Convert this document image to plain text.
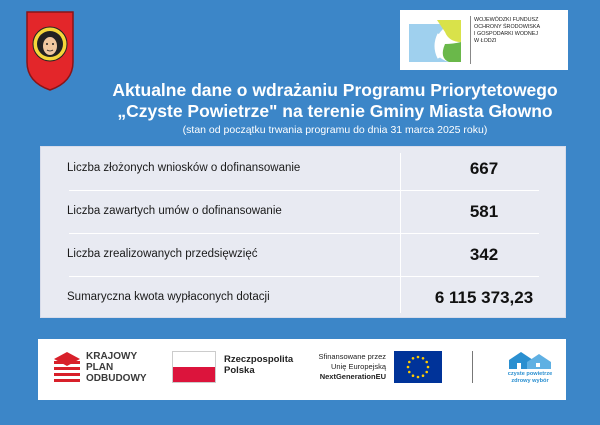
WOJEWÓDZKI FUNDUSZ
OCHRONY ŚRODOWISKA
I GOSPODARKI WODNEJ
W ŁODZI
Aktualne dane o wdrażaniu Programu Priorytetowego
„Czyste Powietrze" na terenie Gminy Miasta Głowno
(stan od początku trwania programu do dnia 31 marca 2025 roku)
Liczba złożonych wniosków o dofinansowanie	667
Liczba zawartych umów o dofinansowanie	581
Liczba zrealizowanych przedsięwzięć	342
Sumaryczna kwota wypłaconych dotacji	6 115 373,23
KRAJOWY
PLAN
ODBUDOWY
Rzeczpospolita
Polska
Sfinansowane przez
Unię Europejską
NextGenerationEU	czyste powietrze
zdrowy wybór
